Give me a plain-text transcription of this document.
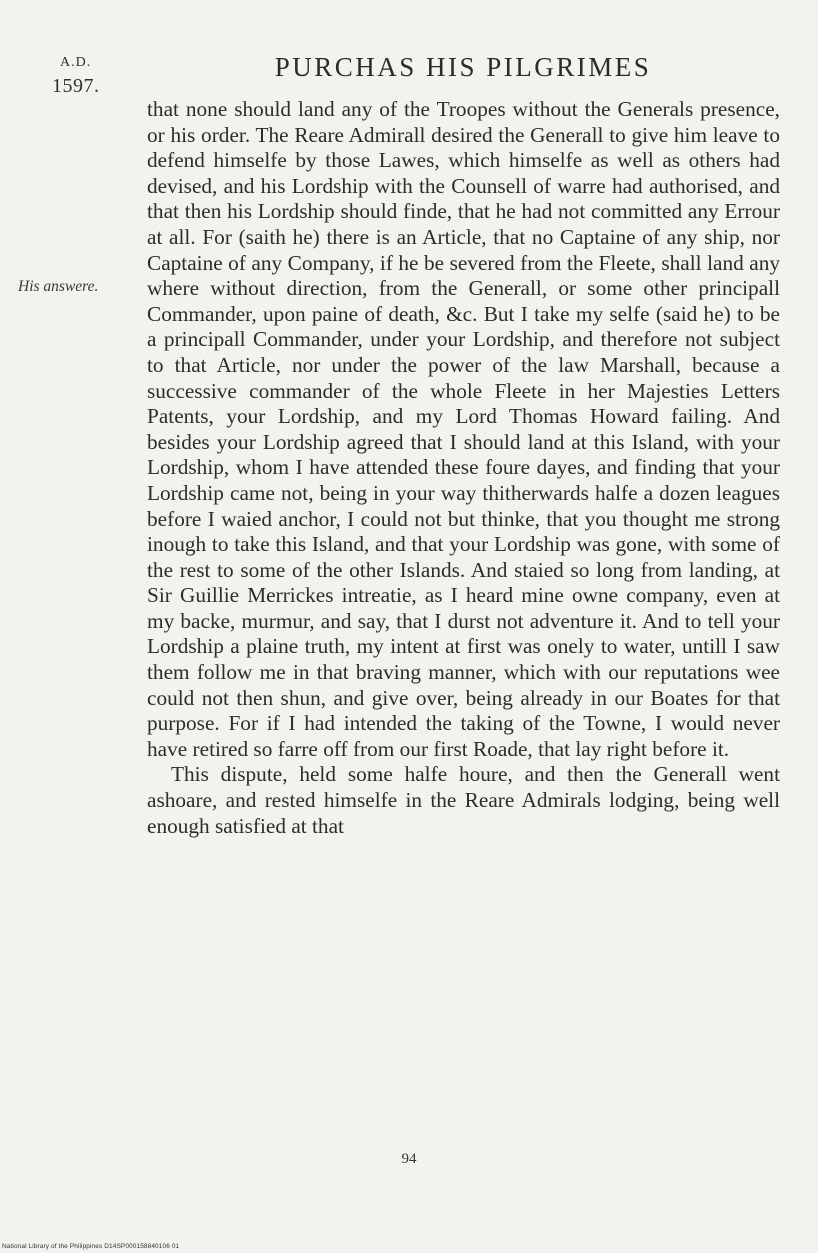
A.D.
1597.
PURCHAS HIS PILGRIMES
His answere.

that none should land any of the Troopes without the Generals presence, or his order. The Reare Admirall desired the Generall to give him leave to defend himselfe by those Lawes, which himselfe as well as others had devised, and his Lordship with the Counsell of warre had authorised, and that then his Lordship should finde, that he had not committed any Errour at all. For (saith he) there is an Article, that no Captaine of any ship, nor Captaine of any Company, if he be severed from the Fleete, shall land any where without direction, from the Generall, or some other principall Commander, upon paine of death, &c. But I take my selfe (said he) to be a principall Commander, under your Lordship, and therefore not subject to that Article, nor under the power of the law Marshall, because a successive commander of the whole Fleete in her Majesties Letters Patents, your Lordship, and my Lord Thomas Howard failing. And besides your Lordship agreed that I should land at this Island, with your Lordship, whom I have attended these foure dayes, and finding that your Lordship came not, being in your way thitherwards halfe a dozen leagues before I waied anchor, I could not but thinke, that you thought me strong inough to take this Island, and that your Lordship was gone, with some of the rest to some of the other Islands. And staied so long from landing, at Sir Guillie Merrickes intreatie, as I heard mine owne company, even at my backe, murmur, and say, that I durst not adventure it. And to tell your Lordship a plaine truth, my intent at first was onely to water, untill I saw them follow me in that braving manner, which with our reputations wee could not then shun, and give over, being already in our Boates for that purpose. For if I had intended the taking of the Towne, I would never have retired so farre off from our first Roade, that lay right before it.

This dispute, held some halfe houre, and then the Generall went ashoare, and rested himselfe in the Reare Admirals lodging, being well enough satisfied at that

94
National Library of the Philippines D14SP000158840106 01
